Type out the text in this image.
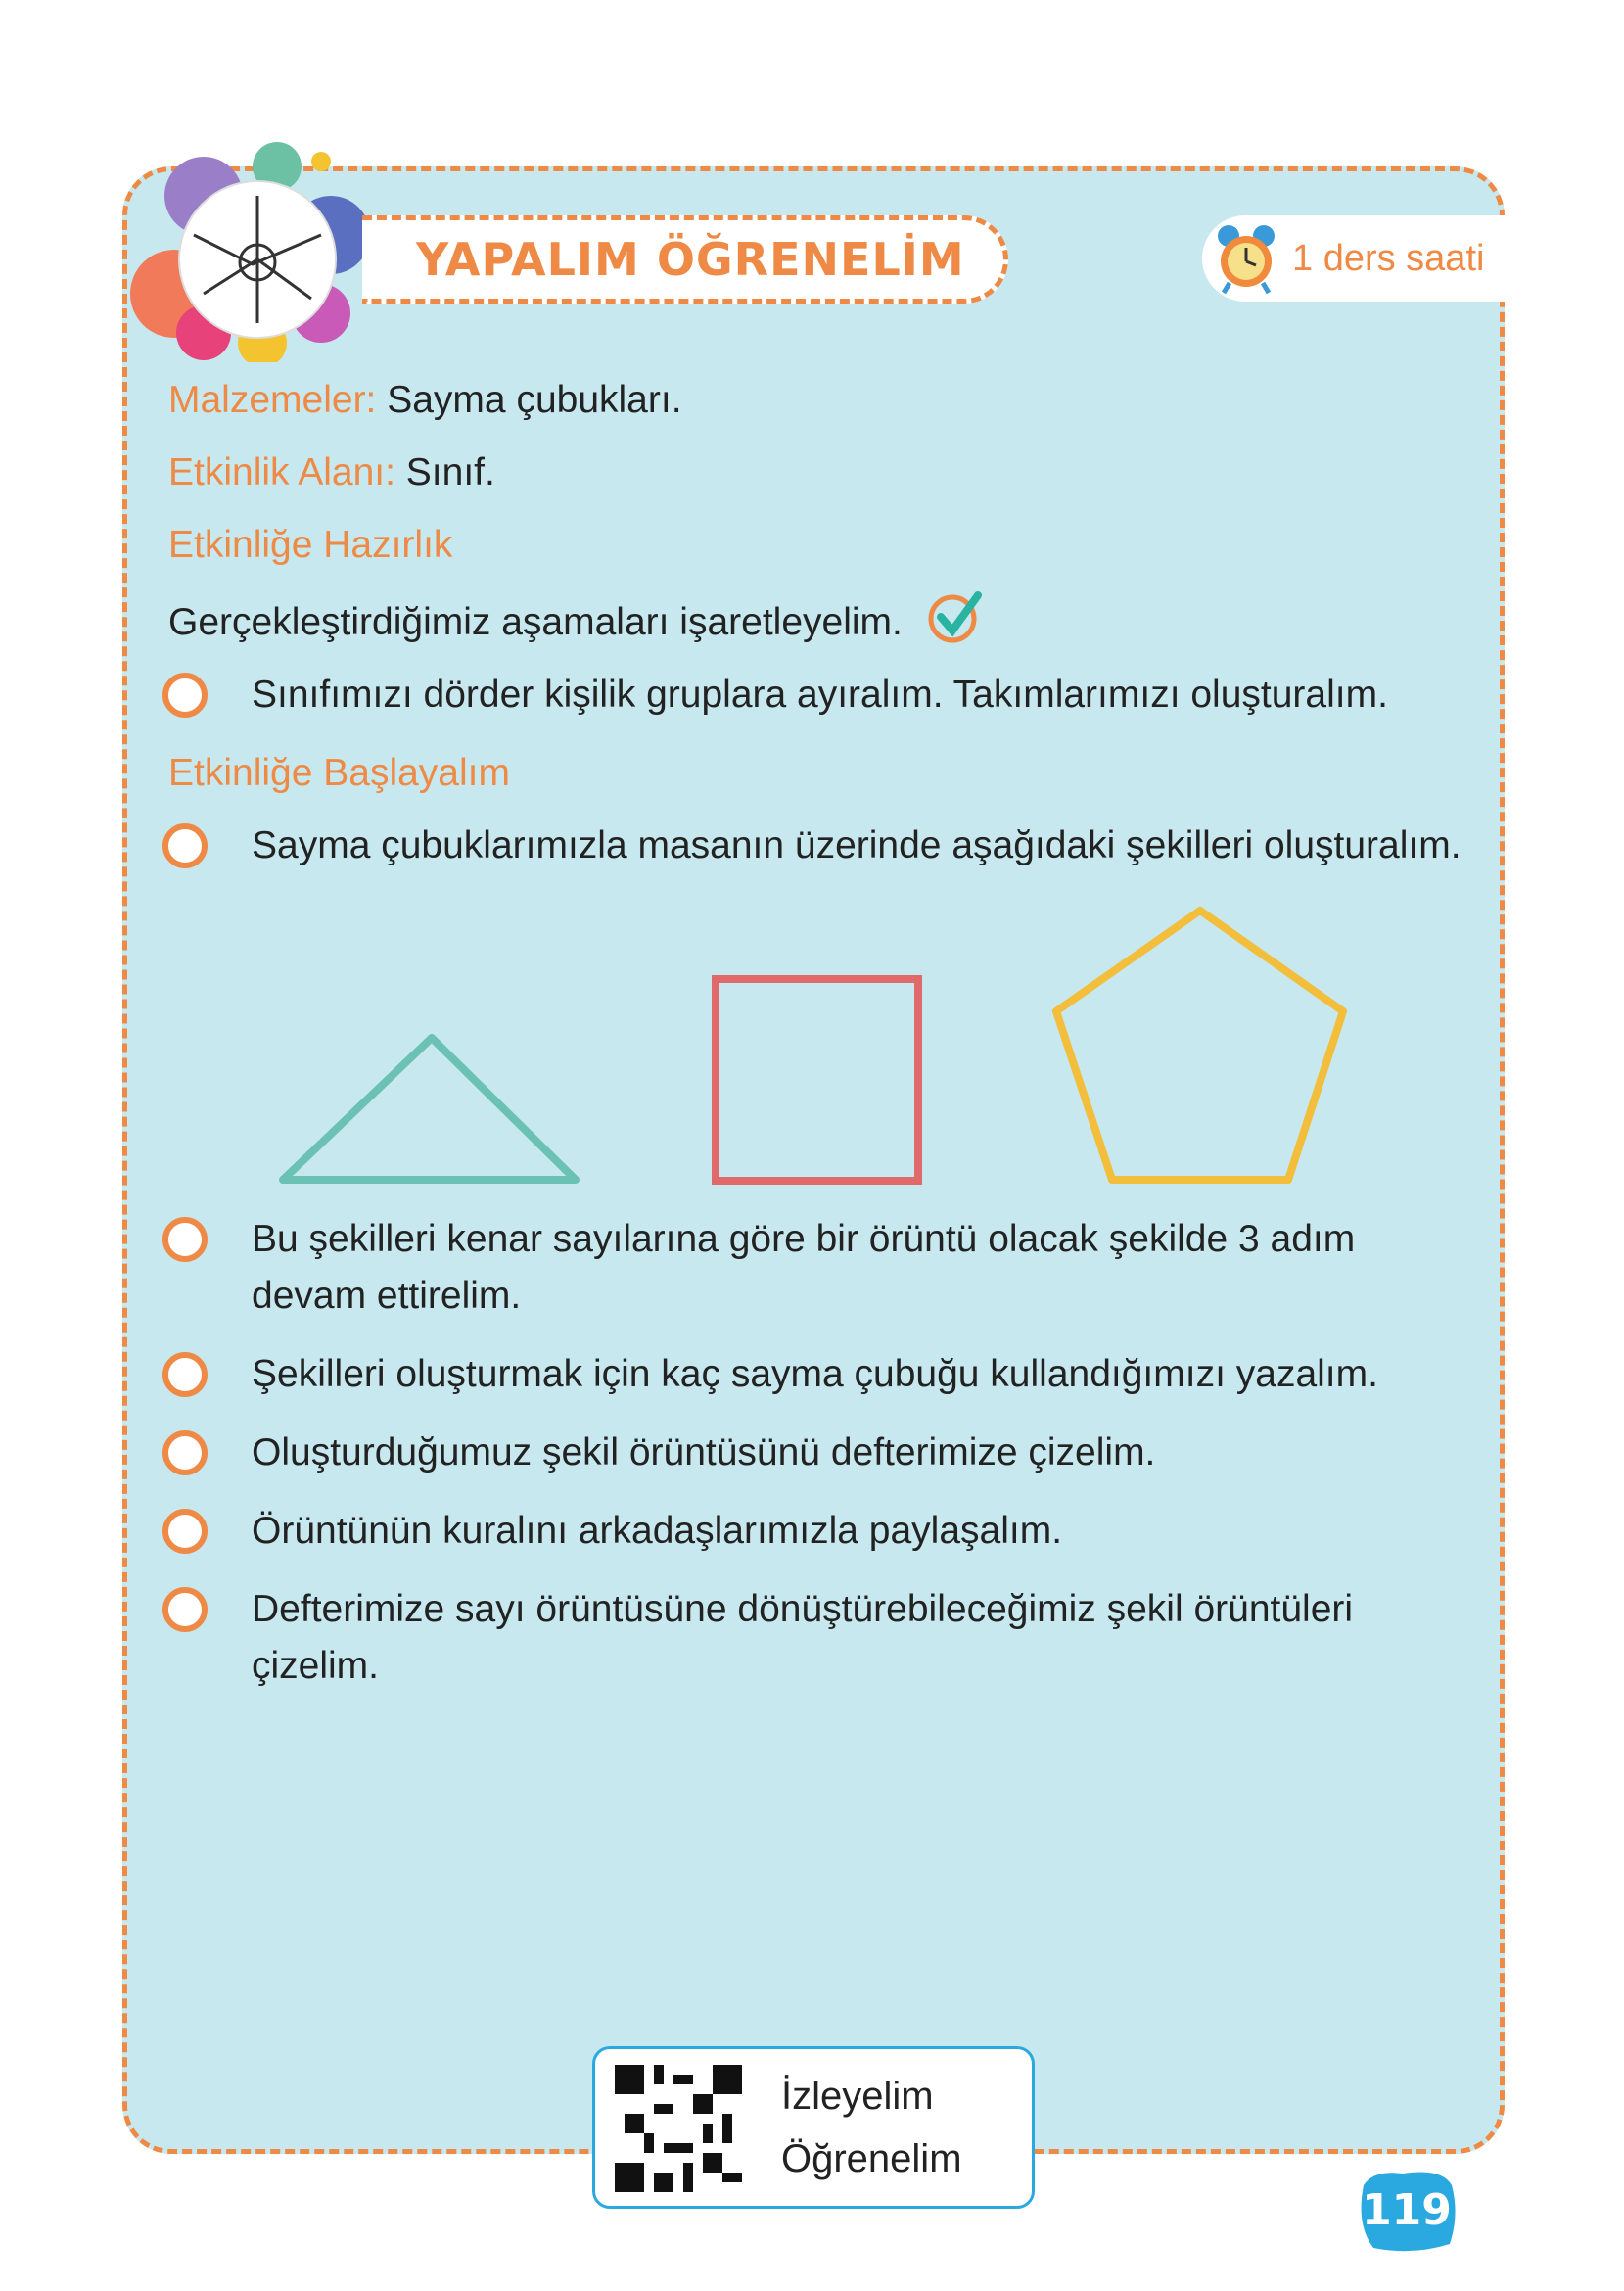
YAPALIM ÖĞRENELİM	1 ders saati
Malzemeler: Sayma çubukları.
Etkinlik Alanı: Sınıf.
Etkinliğe Hazırlık
Gerçekleştirdiğimiz aşamaları işaretleyelim.
Sınıfımızı dörder kişilik gruplara ayıralım. Takımlarımızı oluşturalım.
Etkinliğe Başlayalım
Sayma çubuklarımızla masanın üzerinde aşağıdaki şekilleri oluşturalım.
Bu şekilleri kenar sayılarına göre bir örüntü olacak şekilde 3 adım devam ettirelim.
Şekilleri oluşturmak için kaç sayma çubuğu kullandığımızı yazalım.
Oluşturduğumuz şekil örüntüsünü defterimize çizelim.
Örüntünün kuralını arkadaşlarımızla paylaşalım.
Defterimize sayı örüntüsüne dönüştürebileceğimiz şekil örüntüleri çizelim.
İzleyelim
Öğrenelim
119
